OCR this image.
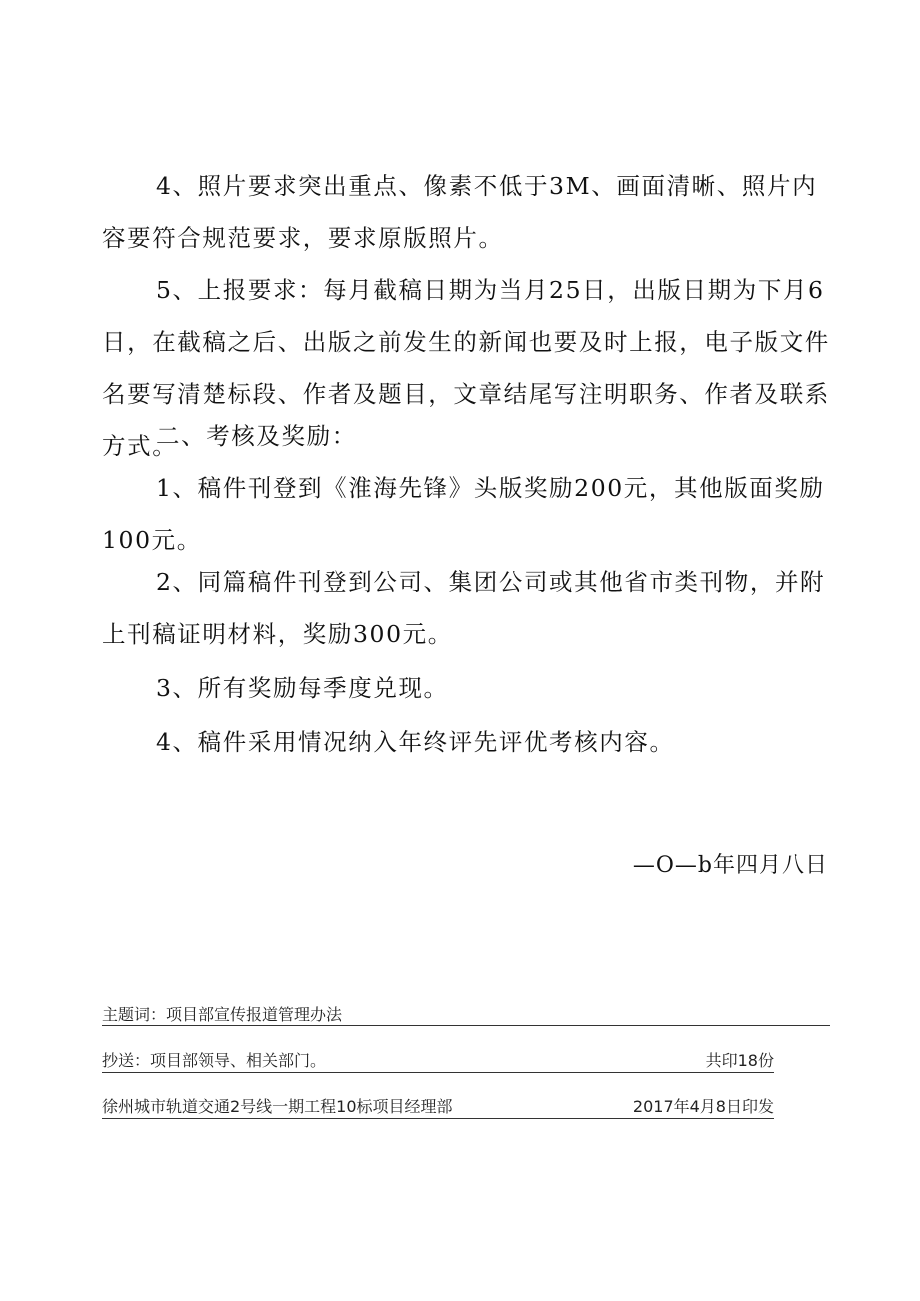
4、照片要求突出重点、像素不低于3M、画面清晰、照片内容要符合规范要求，要求原版照片。

5、上报要求：每月截稿日期为当月25日，出版日期为下月6日，在截稿之后、出版之前发生的新闻也要及时上报，电子版文件名要写清楚标段、作者及题目，文章结尾写注明职务、作者及联系方式。

二、考核及奖励：

1、稿件刊登到《淮海先锋》头版奖励200元，其他版面奖励100元。

2、同篇稿件刊登到公司、集团公司或其他省市类刊物，并附上刊稿证明材料，奖励300元。

3、所有奖励每季度兑现。

4、稿件采用情况纳入年终评先评优考核内容。

—O—b年四月八日
主题词：项目部宣传报道管理办法
抄送：项目部领导、相关部门。	共印18份
徐州城市轨道交通2号线一期工程10标项目经理部	2017年4月8日印发
